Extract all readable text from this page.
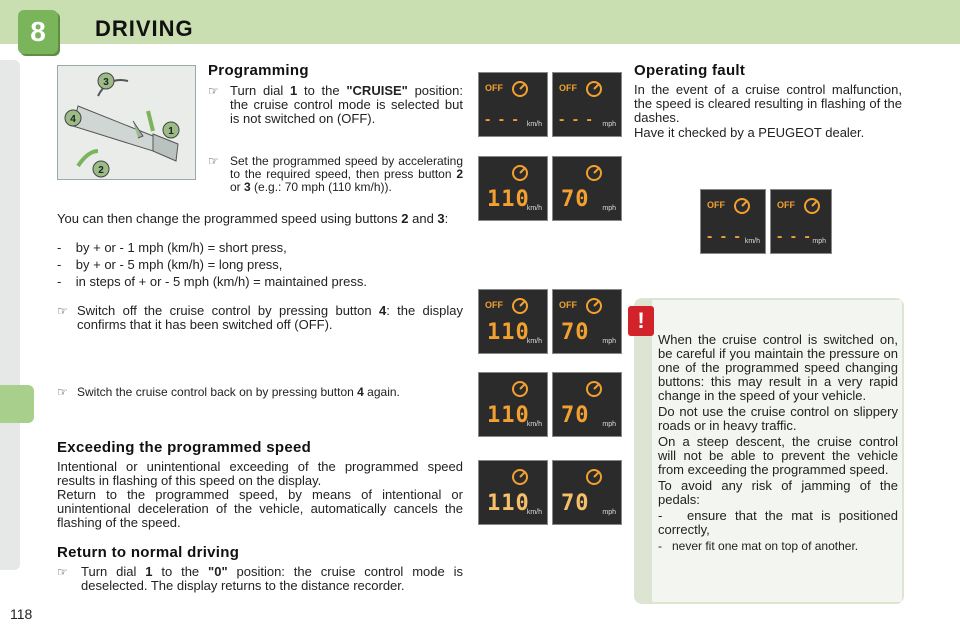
8	DRIVING
3
4
1
2
Programming
☞ Turn dial 1 to the "CRUISE" position: the cruise control mode is selected but is not switched on (OFF).
☞ Set the programmed speed by accelerating to the required speed, then press button 2 or 3 (e.g.: 70 mph (110 km/h)).
You can then change the programmed speed using buttons 2 and 3:
-    by + or - 1 mph (km/h) = short press,
-    by + or - 5 mph (km/h) = long press,
-    in steps of + or - 5 mph (km/h) = maintained press.
☞ Switch off the cruise control by pressing button 4: the display confirms that it has been switched off (OFF).
☞ Switch the cruise control back on by pressing button 4 again.
Exceeding the programmed speed
Intentional or unintentional exceeding of the programmed speed results in flashing of this speed on the display.
Return to the programmed speed, by means of intentional or unintentional deceleration of the vehicle, automatically cancels the flashing of the speed.
Return to normal driving
☞ Turn dial 1 to the "0" position: the cruise control mode is deselected. The display returns to the distance recorder.
OFF
- - - km/h
OFF
- - - mph
110
km/h 70 mph
OFF
110
km/h
OFF
70 mph
110
km/h 70 mph
110
km/h 70 mph
Operating fault
In the event of a cruise control malfunction, the speed is cleared resulting in flashing of the dashes.
Have it checked by a PEUGEOT dealer.
OFF
- - - km/h
OFF
- - - mph
!

When the cruise control is switched on, be careful if you maintain the pressure on one of the programmed speed changing buttons: this may result in a very rapid change in the speed of your vehicle.

Do not use the cruise control on slippery roads or in heavy traffic.

On a steep descent, the cruise control will not be able to prevent the vehicle from exceeding the programmed speed.

To avoid any risk of jamming of the pedals:

-   ensure that the mat is positioned correctly,

-   never fit one mat on top of another.

118
